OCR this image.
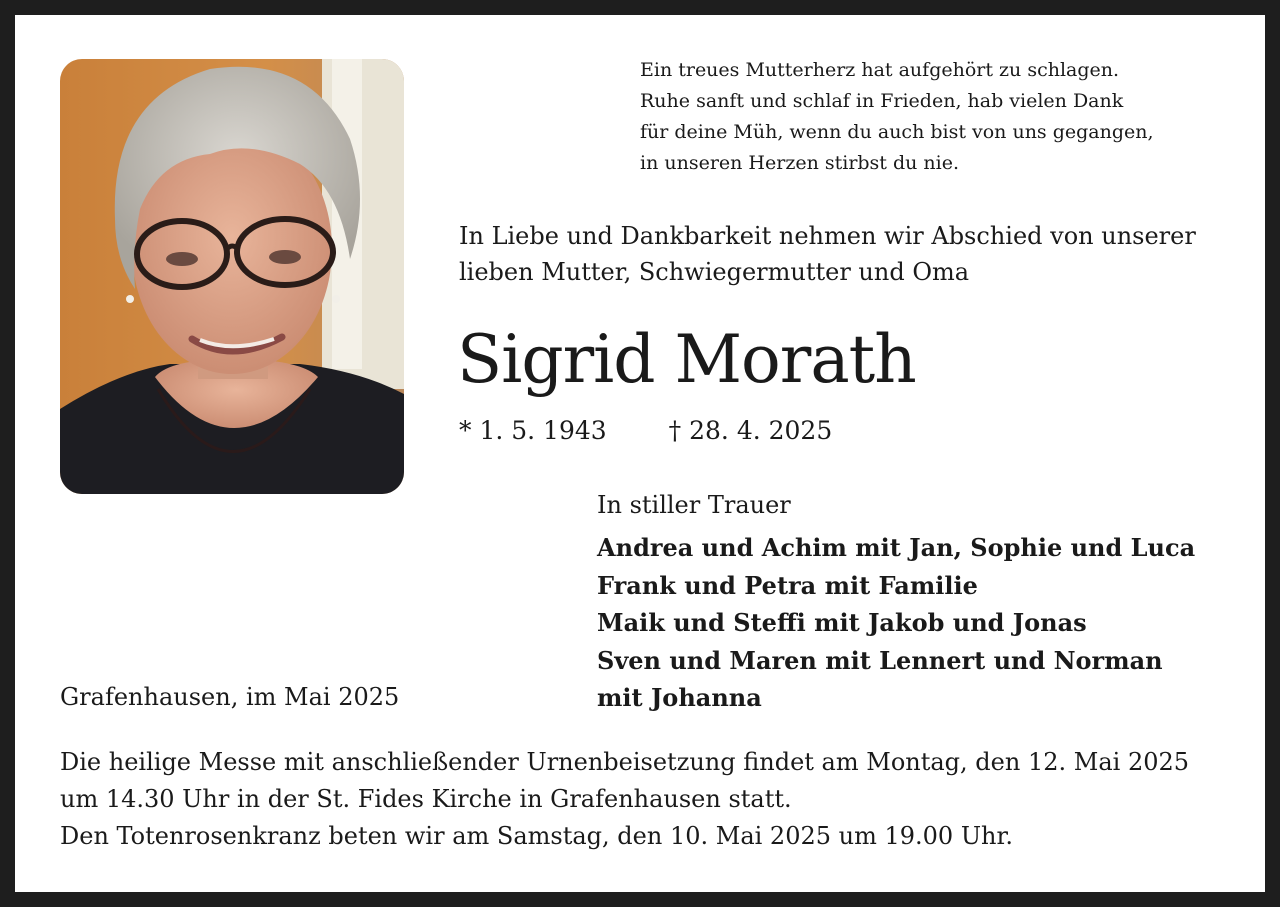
Ein treues Mutterherz hat aufgehört zu schlagen.
Ruhe sanft und schlaf in Frieden, hab vielen Dank
für deine Müh, wenn du auch bist von uns gegangen,
in unseren Herzen stirbst du nie.
In Liebe und Dankbarkeit nehmen wir Abschied von unserer
lieben Mutter, Schwiegermutter und Oma
Sigrid Morath
* 1. 5. 1943 † 28. 4. 2025
In stiller Trauer
Andrea und Achim mit Jan, Sophie und Luca
Frank und Petra mit Familie
Maik und Steffi mit Jakob und Jonas
Sven und Maren mit Lennert und Norman
mit Johanna
Grafenhausen, im Mai 2025
Die heilige Messe mit anschließender Urnenbeisetzung findet am Montag, den 12. Mai 2025
um 14.30 Uhr in der St. Fides Kirche in Grafenhausen statt.
Den Totenrosenkranz beten wir am Samstag, den 10. Mai 2025 um 19.00 Uhr.
